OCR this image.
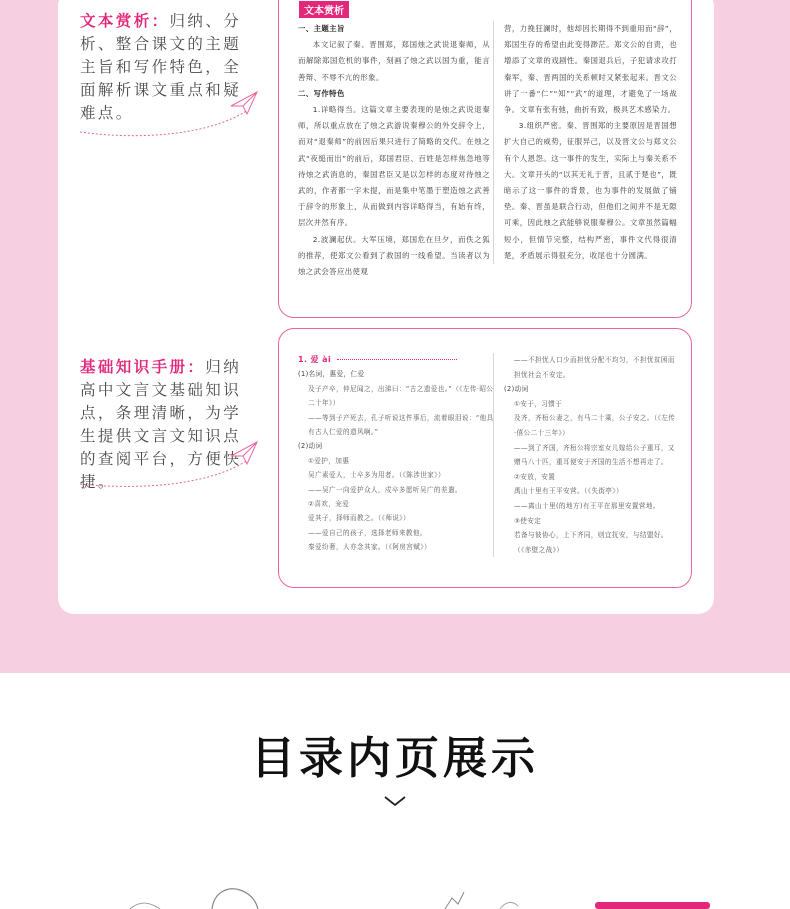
文本赏析：归纳、分析、整合课文的主题主旨和写作特色，全面解析课文重点和疑难点。
基础知识手册：归纳高中文言文基础知识点，条理清晰，为学生提供文言文知识点的查阅平台，方便快捷。
文本赏析
一、主题主旨

本文记叙了秦、晋围郑，郑国烛之武说退秦师，从而解除郑国危机的事件，刻画了烛之武以国为重，能言善辩、不辱不亢的形象。

二、写作特色

1.详略得当。这篇文章主要表现的是烛之武说退秦师，所以重点放在了烛之武游说秦穆公的外交辞令上，而对“退秦师”的前因后果只进行了简略的交代。在烛之武“夜缒而出”的前后，郑国君臣、百姓是怎样焦急地等待烛之武消息的，秦国君臣又是以怎样的态度对待烛之武的，作者都一字未提，而是集中笔墨于塑造烛之武善于辞令的形象上，从而做到内容详略得当，有始有终，层次井然有序。

2.波澜起伏。大军压境，郑国危在旦夕，而佚之狐的推荐，使郑文公看到了救国的一线希望。当读者以为烛之武会答应出使观

营，力挽狂澜时，他却因长期得不到重用而“辞”，郑国生存的希望由此变得渺茫。郑文公的自责，也增添了文章的戏剧性。秦国退兵后，子犯请求攻打秦军，秦、晋两国的关系顿时又紧张起来。晋文公讲了一番“仁”“知”“武”的道理，才避免了一场战争。文章有张有弛，曲折有致，极具艺术感染力。

3.组织严密。秦、晋围郑的主要原因是晋国想扩大自己的威势，征服异己，以及晋文公与郑文公有个人恩怨。这一事件的发生，实际上与秦关系不大。文章开头的“以其无礼于晋，且贰于楚也”，既暗示了这一事件的背景，也为事件的发展做了铺垫。秦、晋虽是联合行动，但他们之间并不是无隙可乘，因此烛之武能够说服秦穆公。文章虽然篇幅短小，但情节完整，结构严密，事件文代得很清楚，矛盾展示得很充分，收尾也十分圆满。

1. 爱 ài
(1)名词，惠爱，仁爱
及子产卒，仲尼闻之，出涕曰：“古之遗爱也。”（《左传·昭公二十年》）
——等到子产死去，孔子听说这件事后，流着眼泪说：“他具有古人仁爱的遗风啊。”
(2)动词
①爱护，加惠
吴广素爱人，士卒多为用者。（《陈涉世家》）
——吴广一向爱护众人，戍卒多愿听吴广的差遣。
②喜欢，宠爱
爱其子，择师而教之。（《师说》）
——爱自己的孩子，选择老师来教他。
秦爱纷奢，人亦念其家。（《阿房宫赋》）
——不担忧人口少而担忧分配不均匀，不担忧贫困而担忧社会不安定。
(2)动词
①安于，习惯于
及齐，齐桓公妻之，有马二十乘，公子安之。（《左传·僖公二十三年》）
——到了齐国，齐桓公将宗室女儿嫁给公子重耳，又赠马八十匹，重耳便安于齐国的生活不想再走了。
②安放，安置
禹山十里有王平安营。（《失街亭》）
——离山十里(的地方)有王平在那里安置营地。
③使安定
若备与彼协心，上下齐同，则宜抚安，与结盟好。（《赤壁之战》）
目录内页展示
